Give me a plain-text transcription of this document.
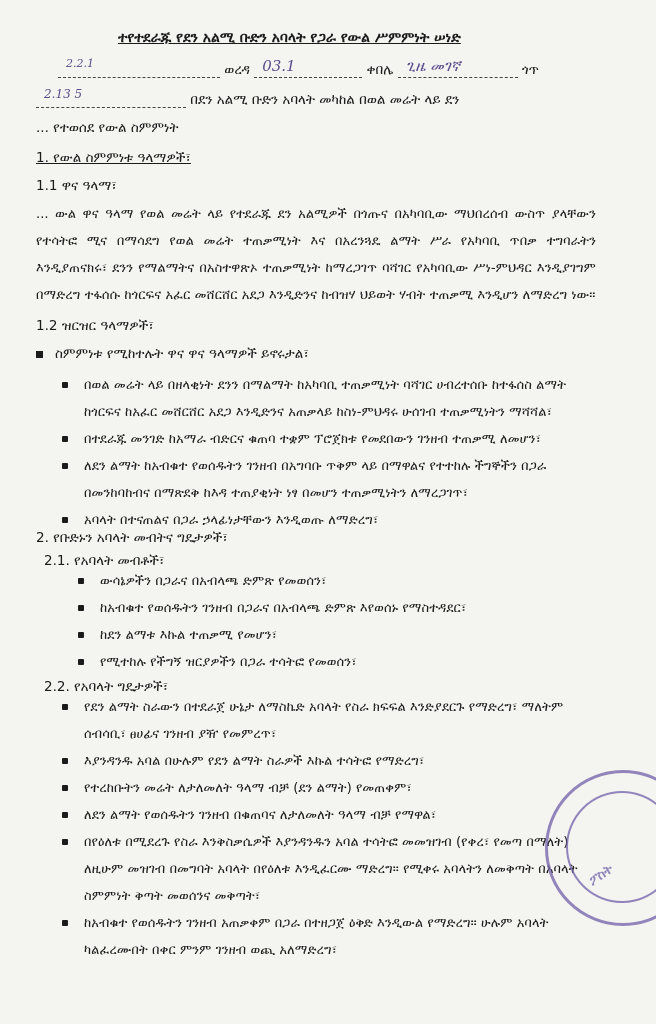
ተየተደራጁ የደን አልሚ ቡድን አባላት የጋራ የውል ሥምምነት ሠነድ
2.2.1	ወረዳ 03.1	ቀበሌ ጊዜ መገኛ	ጎጥ
2.13 5	በደን አልሚ ቡድን አባላት መካከል በወል መሬት ላይ ደን
... የተወሰደ የውል ስምምነት
1. የውል ስምምነቱ ዓላማዎች፣
1.1 ዋና ዓላማ፣
... ውል ዋና ዓላማ የወል መሬት ላይ የተደራጁ ደን አልሚዎች በጎጡና በአካባቢው ማህበረሰብ ውስጥ ያላቸውን የተሳትፎ ሚና በማሳደግ የወል መሬት ተጠቃሚነት እና በአረንጓዴ ልማት ሥራ የአካባቢ ጥበቃ ተግባራትን እንዲያጠናክሩ፣ ደንን የማልማትና በአስተዋጽኦ ተጠቃሚነት ከማረጋገጥ ባሻገር የአካባቢው ሥነ-ምህዳር እንዲያገግም በማድረግ ተፋሰሱ ከጎርፍና አፈር መሸርሸር አደጋ እንዲድንና ከብዝሃ ህይወት ሃብት ተጠቃሚ እንዲሆን ለማድረግ ነው።
1.2 ዝርዝር ዓላማዎች፣
ስምምነቱ የሚከተሉት ዋና ዋና ዓላማዎች ይኖሩታል፣
በወል መሬት ላይ በዘላቂነት ደንን በማልማት ከአካባቢ ተጠቃሚነት ባሻገር ሀብረተሰቡ ከተፋሰስ ልማት ከጎርፍና ከአፈር መሸርሸር አደጋ እንዲድንና አጠቃላይ ከስነ-ምህዳሩ ሁሰገብ ተጠቃሚነትን ማሻሻል፣
በተደራጁ መንገድ ከአማራ ብድርና ቁጠባ ተቋም ፕሮጀክቱ የመደበውን ገንዘብ ተጠቃሚ ለመሆን፣
ለደን ልማት ከአብቁተ የወሰዱትን ገንዘብ በአግባቡ ጥቅም ላይ በማዋልና የተተከሉ ችግኞችን በጋራ በመንከባከብና በማጽደቅ ከእዳ ተጠያቂነት ነፃ በመሆን ተጠቃሚነትን ለማረጋገጥ፣
አባላት በተናጠልና በጋራ ኃላፊነታቸውን እንዲወጡ ለማድረግ፣
2. የቡድኑን አባላት መብትና ግዴታዎች፣
2.1. የአባላት መብቶች፣
ውሳኔዎችን በጋራና በአብላጫ ድምጽ የመወሰን፣
ከአብቁተ የወሰዱትን ገንዘብ በጋራና በአብላጫ ድምጽ እየወሰኑ የማስተዳደር፣
ከደን ልማቱ እኩል ተጠቃሚ የመሆን፣
የሚተከሉ የችግኝ ዝርያዎችን በጋራ ተሳትፎ የመወሰን፣
2.2. የአባላት ግዴታዎች፣
የደን ልማት ስራውን በተደራጀ ሁኔታ ለማስኬድ አባላት የስራ ክፍፍል እንድያደርጉ የማድረግ፣ ማለትም ሰብሳቢ፣ ፀሀፊና ገንዘብ ያዥ የመምረጥ፣
እያንዳንዱ አባል በሁሉም የደን ልማት ስራዎች እኩል ተሳትፎ የማድረግ፣
የተረከቡትን መሬት ለታለመለት ዓላማ ብቻ (ደን ልማት) የመጠቀም፣
ለደን ልማት የወሰዱትን ገንዘብ በቁጠባና ለታለመለት ዓላማ ብቻ የማዋል፣
በየዕለቱ በሚደረጉ የስራ እንቅስቃሴዎች እያንዳንዱን አባል ተሳትፎ መመዝገብ (የቀረ፣ የመጣ በማለት) ለዚሁም መዝገብ በመግባት አባላት በየዕለቱ እንዲፈርሙ ማድረግ። የሚቀሩ አባላትን ለመቅጣት በአባላት ስምምነት ቅጣት መወሰንና መቅጣት፣
ከአብቁተ የወሰዱትን ገንዘብ አጠቃቀም በጋራ በተዘጋጀ ዕቅድ እንዲውል የማድረግ። ሁሉም አባላት ካልፈረሙበት በቀር ምንም ገንዘብ ወጪ አለማድረግ፣
ፖስት
